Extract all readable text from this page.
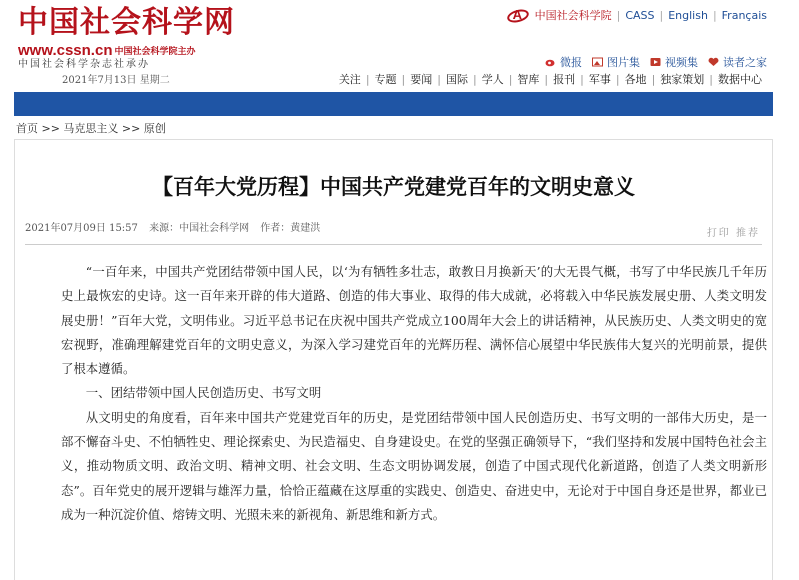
中国社会科学网
www.cssn.cn 中国社会科学院主办
中国社会科学杂志社承办
2021年7月13日 星期二
A 中国社会科学院 | CASS | English | Français
微报 图片集 视频集 读者之家
关注 | 专题 | 要闻 | 国际 | 学人 | 智库 | 报刊 | 军事 | 各地 | 独家策划 | 数据中心
首页 >> 马克思主义 >> 原创
【百年大党历程】中国共产党建党百年的文明史意义
2021年07月09日 15:57 来源：中国社会科学网 作者：黄建洪	打印 推荐

“一百年来，中国共产党团结带领中国人民，以‘为有牺牲多壮志，敢教日月换新天’的大无畏气概，书写了中华民族几千年历史上最恢宏的史诗。这一百年来开辟的伟大道路、创造的伟大事业、取得的伟大成就，必将载入中华民族发展史册、人类文明发展史册！”百年大党，文明伟业。习近平总书记在庆祝中国共产党成立100周年大会上的讲话精神，从民族历史、人类文明史的宽宏视野，准确理解建党百年的文明史意义，为深入学习建党百年的光辉历程、满怀信心展望中华民族伟大复兴的光明前景，提供了根本遵循。

一、团结带领中国人民创造历史、书写文明

从文明史的角度看，百年来中国共产党建党百年的历史，是党团结带领中国人民创造历史、书写文明的一部伟大历史，是一部不懈奋斗史、不怕牺牲史、理论探索史、为民造福史、自身建设史。在党的坚强正确领导下，“我们坚持和发展中国特色社会主义，推动物质文明、政治文明、精神文明、社会文明、生态文明协调发展，创造了中国式现代化新道路，创造了人类文明新形态”。百年党史的展开逻辑与雄浑力量，恰恰正蕴藏在这厚重的实践史、创造史、奋进史中，无论对于中国自身还是世界，都业已成为一种沉淀价值、熔铸文明、光照未来的新视角、新思维和新方式。
